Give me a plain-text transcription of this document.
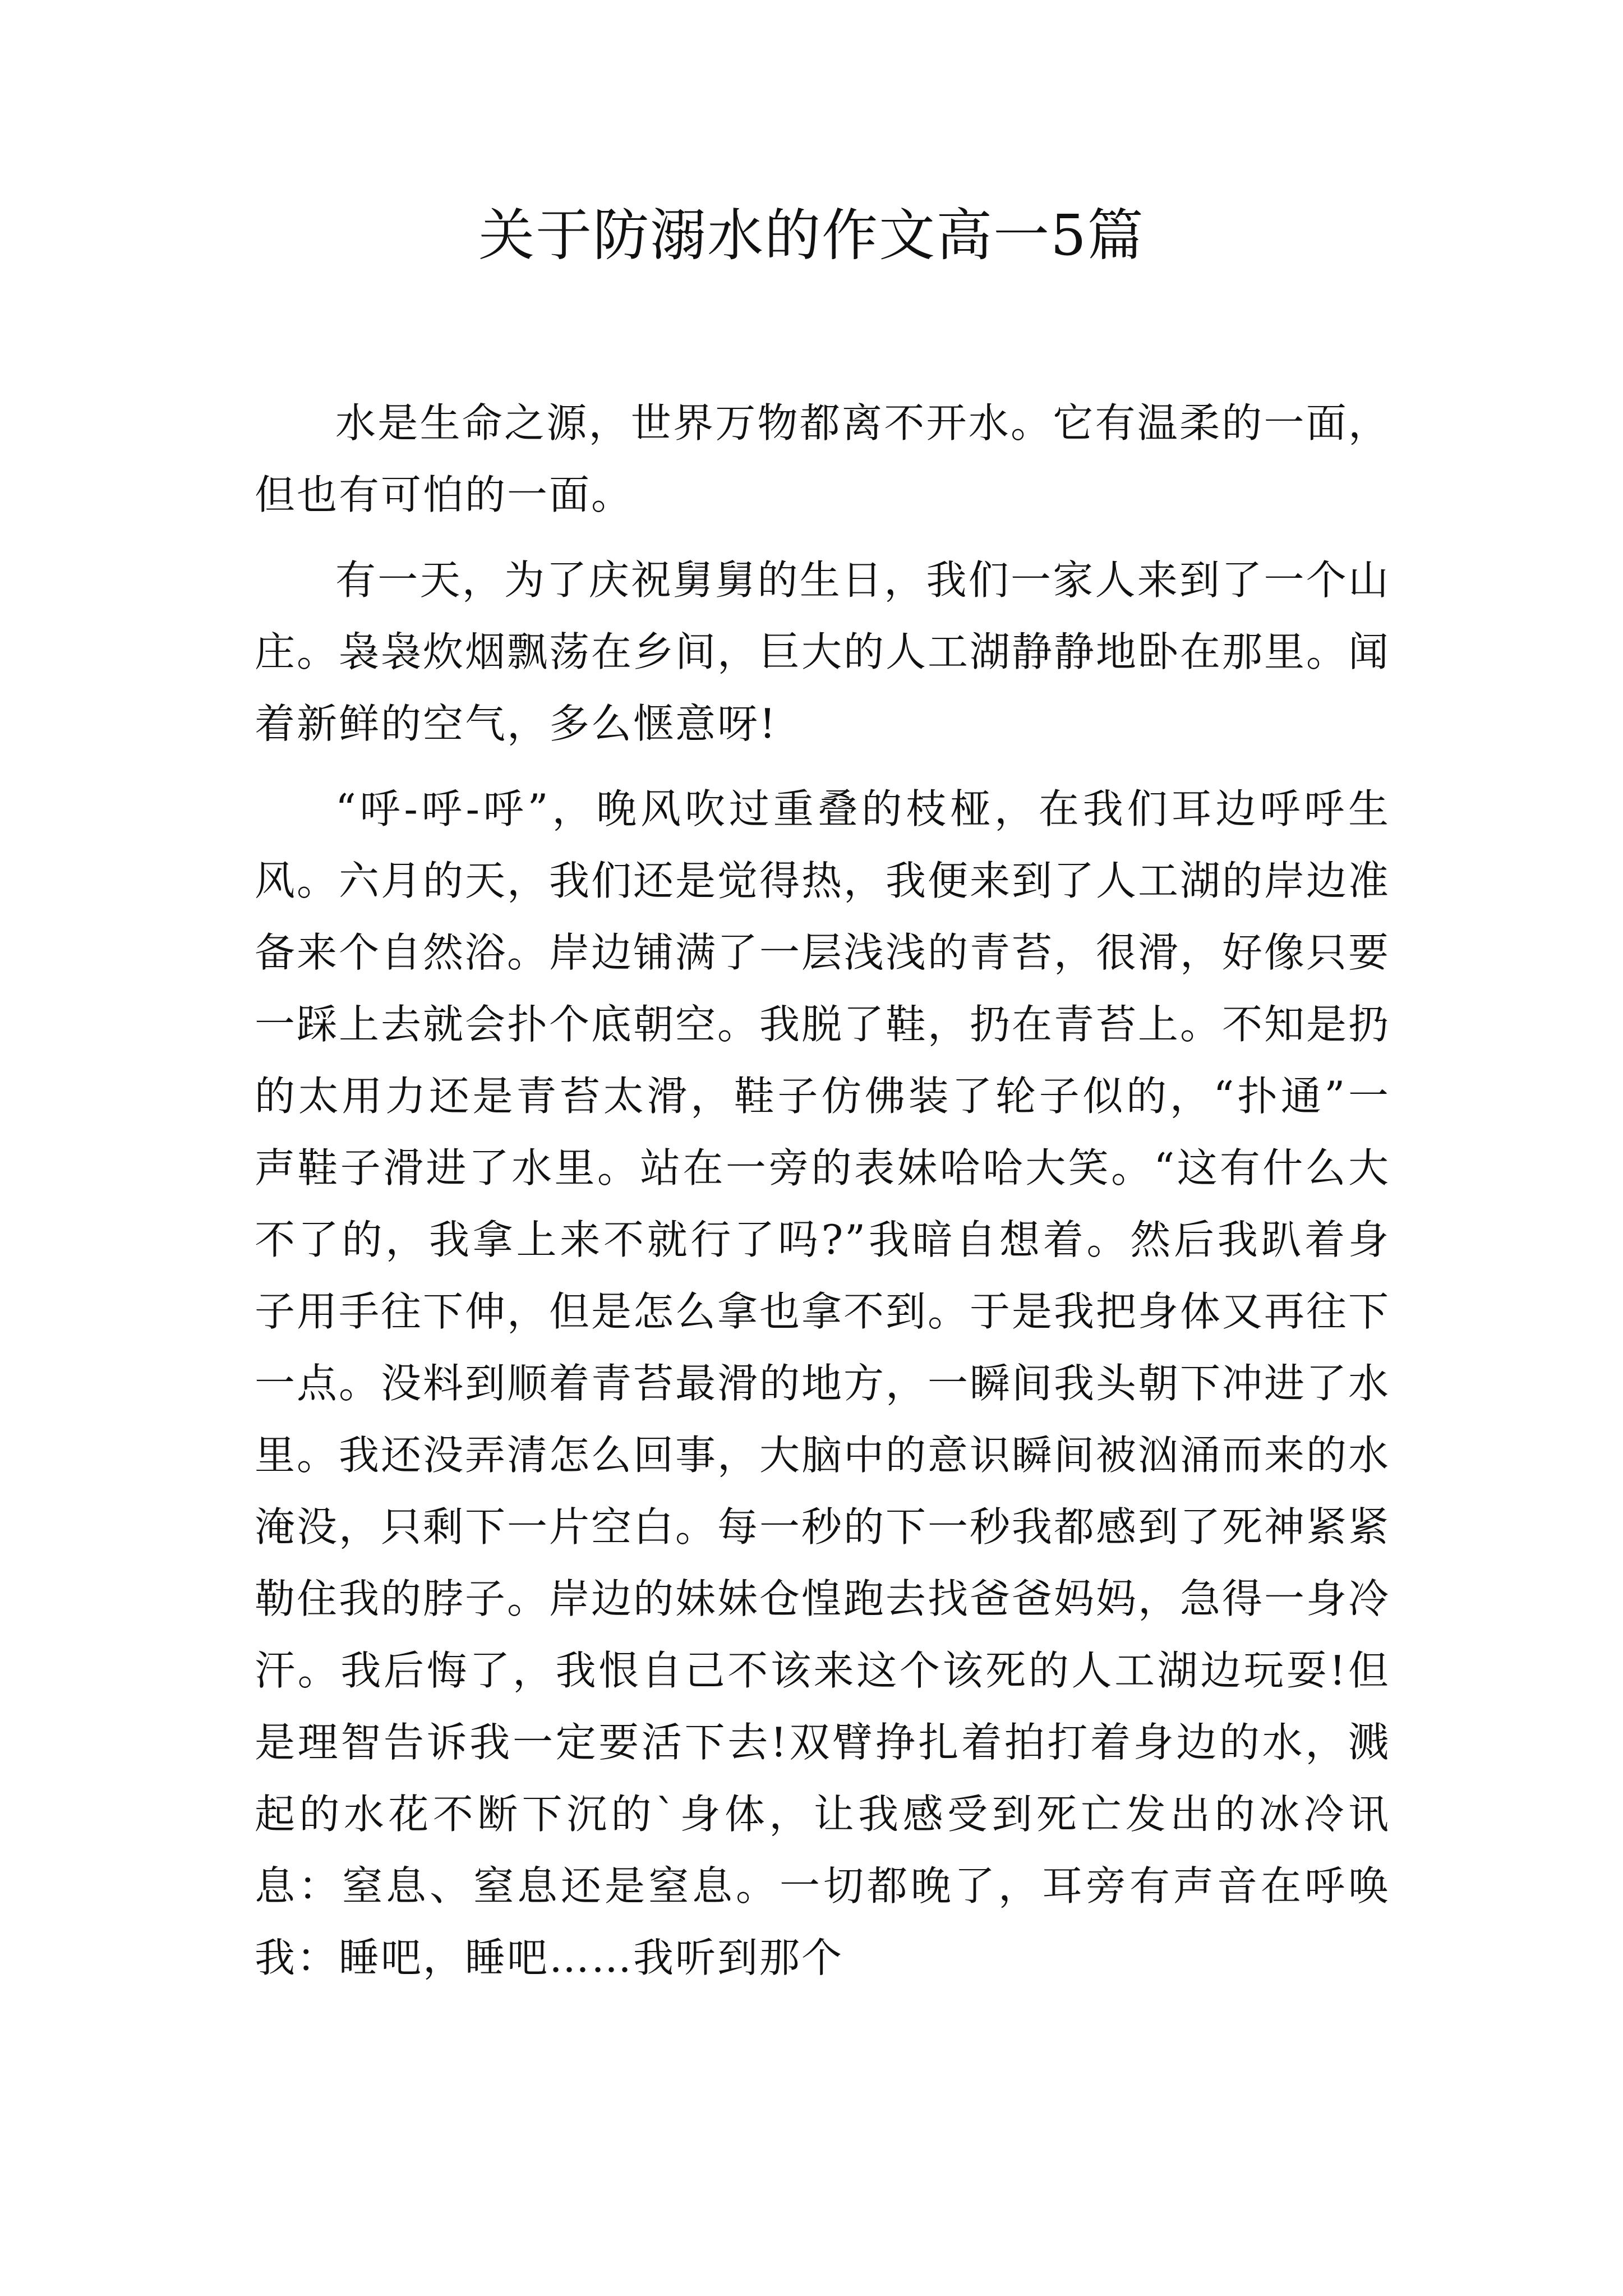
关于防溺水的作文高一5篇

水是生命之源，世界万物都离不开水。它有温柔的一面，但也有可怕的一面。

有一天，为了庆祝舅舅的生日，我们一家人来到了一个山庄。袅袅炊烟飘荡在乡间，巨大的人工湖静静地卧在那里。闻着新鲜的空气，多么惬意呀!

“呼-呼-呼”，晚风吹过重叠的枝桠，在我们耳边呼呼生风。六月的天，我们还是觉得热，我便来到了人工湖的岸边准备来个自然浴。岸边铺满了一层浅浅的青苔，很滑，好像只要一踩上去就会扑个底朝空。我脱了鞋，扔在青苔上。不知是扔的太用力还是青苔太滑，鞋子仿佛装了轮子似的，“扑通”一声鞋子滑进了水里。站在一旁的表妹哈哈大笑。“这有什么大不了的，我拿上来不就行了吗?”我暗自想着。然后我趴着身子用手往下伸，但是怎么拿也拿不到。于是我把身体又再往下一点。没料到顺着青苔最滑的地方，一瞬间我头朝下冲进了水里。我还没弄清怎么回事，大脑中的意识瞬间被汹涌而来的水淹没，只剩下一片空白。每一秒的下一秒我都感到了死神紧紧勒住我的脖子。岸边的妹妹仓惶跑去找爸爸妈妈，急得一身冷汗。我后悔了，我恨自己不该来这个该死的人工湖边玩耍!但是理智告诉我一定要活下去!双臂挣扎着拍打着身边的水，溅起的水花不断下沉的`身体，让我感受到死亡发出的冰冷讯息：窒息、窒息还是窒息。一切都晚了，耳旁有声音在呼唤我：睡吧，睡吧……我听到那个
